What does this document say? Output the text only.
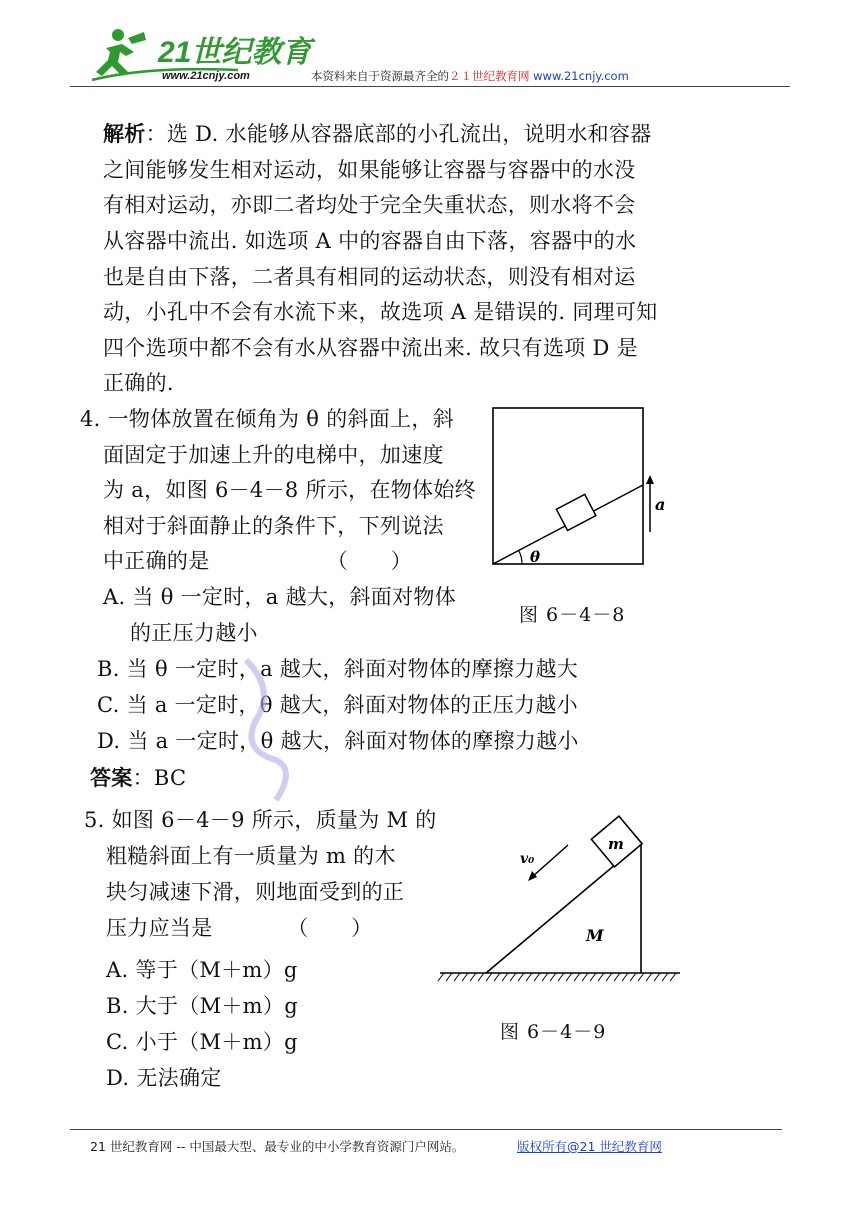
21世纪教育
www.21cnjy.com	本资料来自于资源最齐全的２１世纪教育网 www.21cnjy.com
解析：选 D. 水能够从容器底部的小孔流出，说明水和容器
之间能够发生相对运动，如果能够让容器与容器中的水没
有相对运动，亦即二者均处于完全失重状态，则水将不会
从容器中流出. 如选项 A 中的容器自由下落，容器中的水
也是自由下落，二者具有相同的运动状态，则没有相对运
动，小孔中不会有水流下来，故选项 A 是错误的. 同理可知
四个选项中都不会有水从容器中流出来. 故只有选项 D 是
正确的.
4. 一物体放置在倾角为 θ 的斜面上，斜
面固定于加速上升的电梯中，加速度
为 a，如图 6－4－8 所示，在物体始终
相对于斜面静止的条件下，下列说法
中正确的是　　　　　　（　　）
A. 当 θ 一定时，a 越大，斜面对物体
的正压力越小
B. 当 θ 一定时，a 越大，斜面对物体的摩擦力越大
C. 当 a 一定时，θ 越大，斜面对物体的正压力越小
D. 当 a 一定时，θ 越大，斜面对物体的摩擦力越小
答案：BC
θ
a
图 6－4－8
5. 如图 6－4－9 所示，质量为 M 的
粗糙斜面上有一质量为 m 的木
块匀减速下滑，则地面受到的正
压力应当是　　　　（　　）
A. 等于（M＋m）g
B. 大于（M＋m）g
C. 小于（M＋m）g
D. 无法确定
m
M
v₀
图 6－4－9
21 世纪教育网 -- 中国最大型、最专业的中小学教育资源门户网站。	版权所有@21 世纪教育网
